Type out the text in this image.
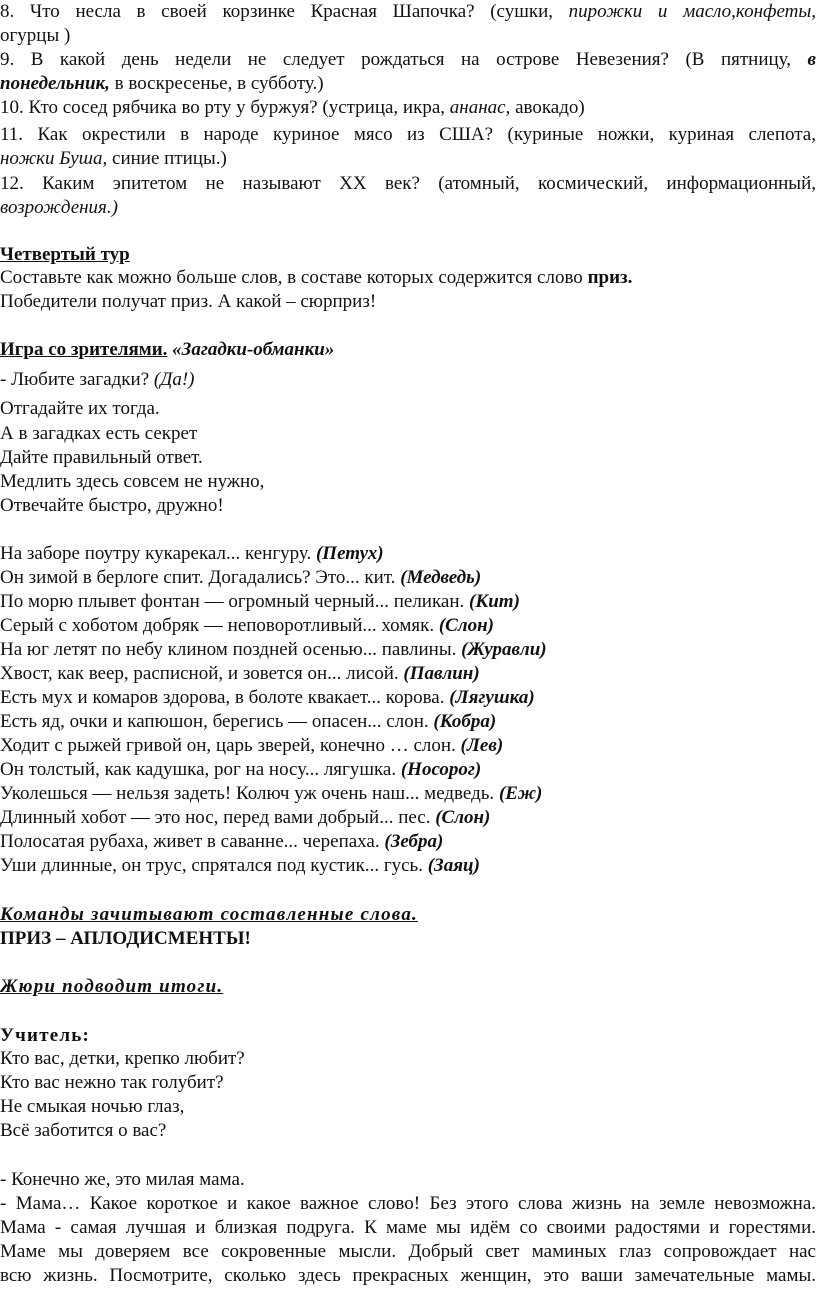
8. Что несла в своей корзинке Красная Шапочка? (сушки, пирожки и масло,конфеты,
огурцы )
9. В какой день недели не следует рождаться на острове Невезения? (В пятницу, в
понедельник, в воскресенье, в субботу.)
10. Кто сосед рябчика во рту у буржуя? (устрица, икра, ананас, авокадо)
11. Как окрестили в народе куриное мясо из США? (куриные ножки, куриная слепота,
ножки Буша, синие птицы.)
12. Каким эпитетом не называют XX век? (атомный, космический, информационный,
возрождения.)
Четвертый тур
Составьте как можно больше слов, в составе которых содержится слово приз.
Победители получат приз. А какой – сюрприз!
Игра со зрителями. «Загадки-обманки»
- Любите загадки? (Да!)
Отгадайте их тогда.
А в загадках есть секрет
Дайте правильный ответ.
Медлить здесь совсем не нужно,
Отвечайте быстро, дружно!
На заборе поутру кукарекал... кенгуру. (Петух)
Он зимой в берлоге спит. Догадались? Это... кит. (Медведь)
По морю плывет фонтан — огромный черный... пеликан. (Кит)
Серый с хоботом добряк — неповоротливый... хомяк. (Слон)
На юг летят по небу клином поздней осенью... павлины. (Журавли)
Хвост, как веер, расписной, и зовется он... лисой. (Павлин)
Есть мух и комаров здорова, в болоте квакает... корова. (Лягушка)
Есть яд, очки и капюшон, берегись — опасен... слон. (Кобра)
Ходит с рыжей гривой он, царь зверей, конечно … слон. (Лев)
Он толстый, как кадушка, рог на носу... лягушка. (Носорог)
Уколешься — нельзя задеть! Колюч уж очень наш... медведь. (Еж)
Длинный хобот — это нос, перед вами добрый... пес. (Слон)
Полосатая рубаха, живет в саванне... черепаха. (Зебра)
Уши длинные, он трус, спрятался под кустик... гусь. (Заяц)
Команды зачитывают составленные слова.
ПРИЗ – АПЛОДИСМЕНТЫ!
Жюри подводит итоги.
Учитель:
Кто вас, детки, крепко любит?
Кто вас нежно так голубит?
Не смыкая ночью глаз,
Всё заботится о вас?
- Конечно же, это милая мама.
- Мама… Какое короткое и какое важное слово! Без этого слова жизнь на земле невозможна.
Мама - самая лучшая и близкая подруга. К маме мы идём со своими радостями и горестями.
Маме мы доверяем все сокровенные мысли. Добрый свет маминых глаз сопровождает нас
всю жизнь. Посмотрите, сколько здесь прекрасных женщин, это ваши замечательные мамы.
